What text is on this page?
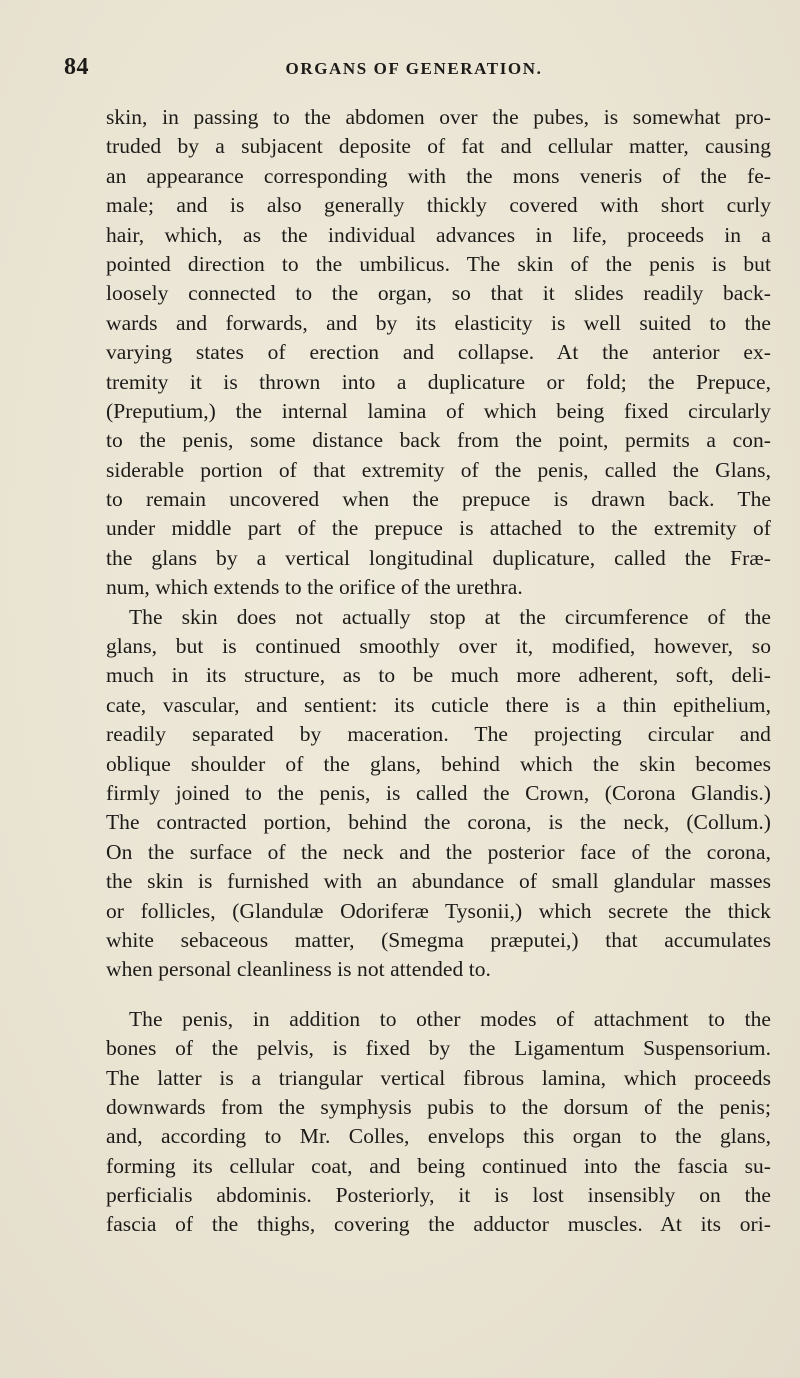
84	ORGANS OF GENERATION.
skin, in passing to the abdomen over the pubes, is somewhat pro-
truded by a subjacent deposite of fat and cellular matter, causing
an appearance corresponding with the mons veneris of the fe-
male; and is also generally thickly covered with short curly
hair, which, as the individual advances in life, proceeds in a
pointed direction to the umbilicus. The skin of the penis is but
loosely connected to the organ, so that it slides readily back-
wards and forwards, and by its elasticity is well suited to the
varying states of erection and collapse. At the anterior ex-
tremity it is thrown into a duplicature or fold; the Prepuce,
(Preputium,) the internal lamina of which being fixed circularly
to the penis, some distance back from the point, permits a con-
siderable portion of that extremity of the penis, called the Glans,
to remain uncovered when the prepuce is drawn back. The
under middle part of the prepuce is attached to the extremity of
the glans by a vertical longitudinal duplicature, called the Fræ-
num, which extends to the orifice of the urethra.
The skin does not actually stop at the circumference of the
glans, but is continued smoothly over it, modified, however, so
much in its structure, as to be much more adherent, soft, deli-
cate, vascular, and sentient: its cuticle there is a thin epithelium,
readily separated by maceration. The projecting circular and
oblique shoulder of the glans, behind which the skin becomes
firmly joined to the penis, is called the Crown, (Corona Glandis.)
The contracted portion, behind the corona, is the neck, (Collum.)
On the surface of the neck and the posterior face of the corona,
the skin is furnished with an abundance of small glandular masses
or follicles, (Glandulæ Odoriferæ Tysonii,) which secrete the thick
white sebaceous matter, (Smegma præputei,) that accumulates
when personal cleanliness is not attended to.
The penis, in addition to other modes of attachment to the
bones of the pelvis, is fixed by the Ligamentum Suspensorium.
The latter is a triangular vertical fibrous lamina, which proceeds
downwards from the symphysis pubis to the dorsum of the penis;
and, according to Mr. Colles, envelops this organ to the glans,
forming its cellular coat, and being continued into the fascia su-
perficialis abdominis. Posteriorly, it is lost insensibly on the
fascia of the thighs, covering the adductor muscles. At its ori-
